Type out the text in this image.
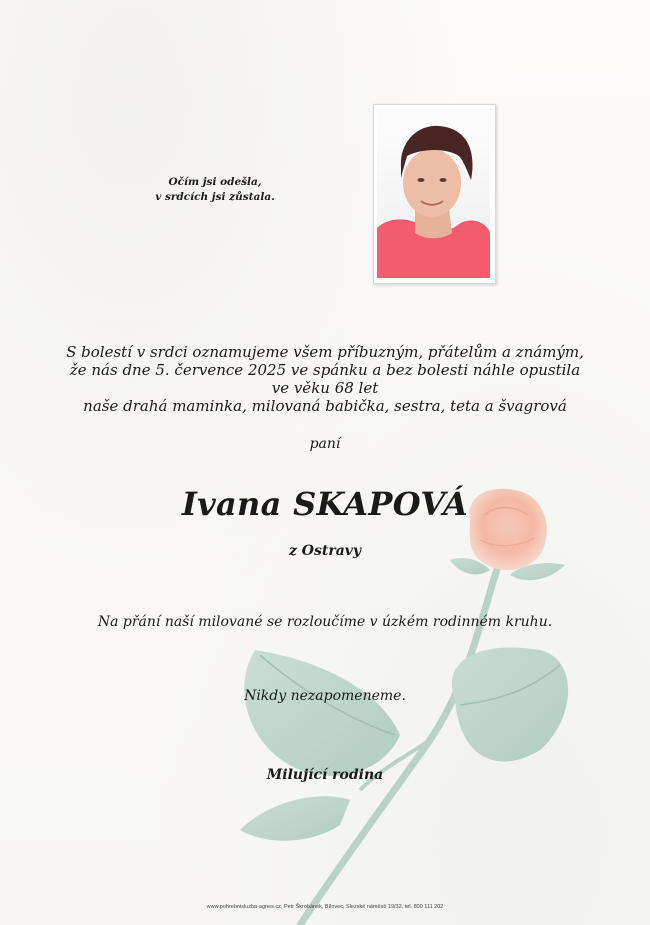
Očím jsi odešla,
v srdcích jsi zůstala.
S bolestí v srdci oznamujeme všem příbuzným, přátelům a známým,
že nás dne 5. července 2025 ve spánku a bez bolesti náhle opustila ve věku 68 let
naše drahá maminka, milovaná babička, sestra, teta a švagrová
paní
Ivana SKAPOVÁ
z Ostravy
Na přání naší milované se rozloučíme v úzkém rodinném kruhu.
Nikdy nezapomeneme.
Milující rodina
www.pohrebnisluzba-agnes.cz, Petr Škrobánek, Bílovec, Slezské náměstí 19/32, tel. 800 111 202
